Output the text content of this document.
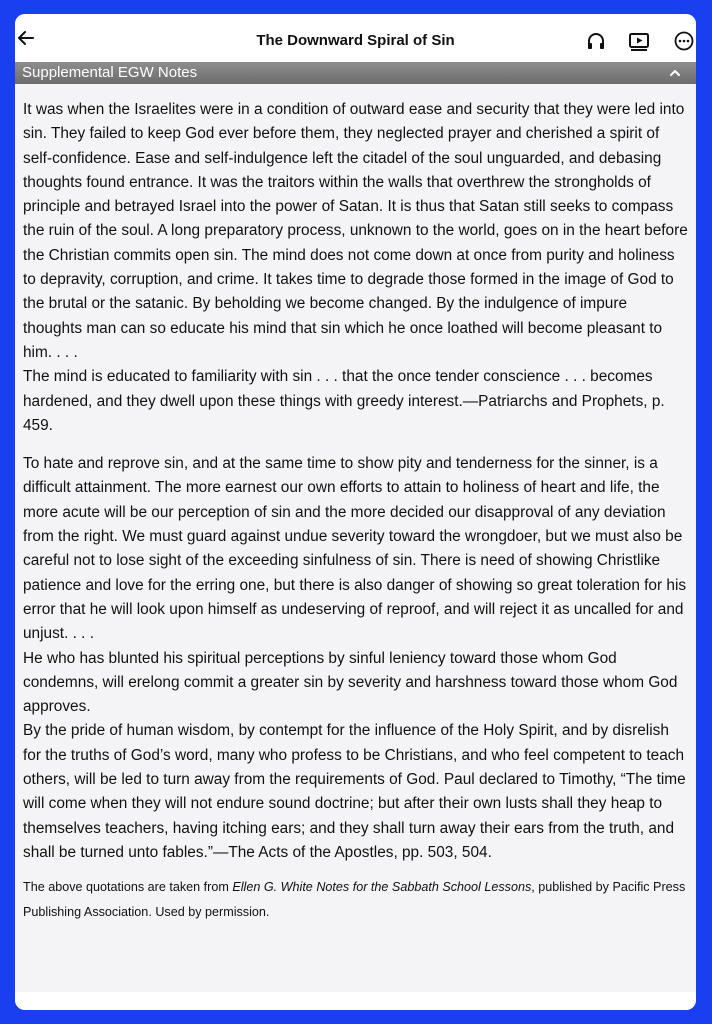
The Downward Spiral of Sin
Supplemental EGW Notes

It was when the Israelites were in a condition of outward ease and security that they were led into sin. They failed to keep God ever before them, they neglected prayer and cherished a spirit of self-confidence. Ease and self-indulgence left the citadel of the soul unguarded, and debasing thoughts found entrance. It was the traitors within the walls that overthrew the strongholds of principle and betrayed Israel into the power of Satan. It is thus that Satan still seeks to compass the ruin of the soul. A long preparatory process, unknown to the world, goes on in the heart before the Christian commits open sin. The mind does not come down at once from purity and holiness to depravity, corruption, and crime. It takes time to degrade those formed in the image of God to the brutal or the satanic. By beholding we become changed. By the indulgence of impure thoughts man can so educate his mind that sin which he once loathed will become pleasant to him. . . .

The mind is educated to familiarity with sin . . . that the once tender conscience . . . becomes hardened, and they dwell upon these things with greedy interest.—Patriarchs and Prophets, p. 459.

To hate and reprove sin, and at the same time to show pity and tenderness for the sinner, is a difficult attainment. The more earnest our own efforts to attain to holiness of heart and life, the more acute will be our perception of sin and the more decided our disapproval of any deviation from the right. We must guard against undue severity toward the wrongdoer, but we must also be careful not to lose sight of the exceeding sinfulness of sin. There is need of showing Christlike patience and love for the erring one, but there is also danger of showing so great toleration for his error that he will look upon himself as undeserving of reproof, and will reject it as uncalled for and unjust. . . .

He who has blunted his spiritual perceptions by sinful leniency toward those whom God condemns, will erelong commit a greater sin by severity and harshness toward those whom God approves.

By the pride of human wisdom, by contempt for the influence of the Holy Spirit, and by disrelish for the truths of God’s word, many who profess to be Christians, and who feel competent to teach others, will be led to turn away from the requirements of God. Paul declared to Timothy, “The time will come when they will not endure sound doctrine; but after their own lusts shall they heap to themselves teachers, having itching ears; and they shall turn away their ears from the truth, and shall be turned unto fables.”—The Acts of the Apostles, pp. 503, 504.

The above quotations are taken from Ellen G. White Notes for the Sabbath School Lessons, published by Pacific Press Publishing Association. Used by permission.
